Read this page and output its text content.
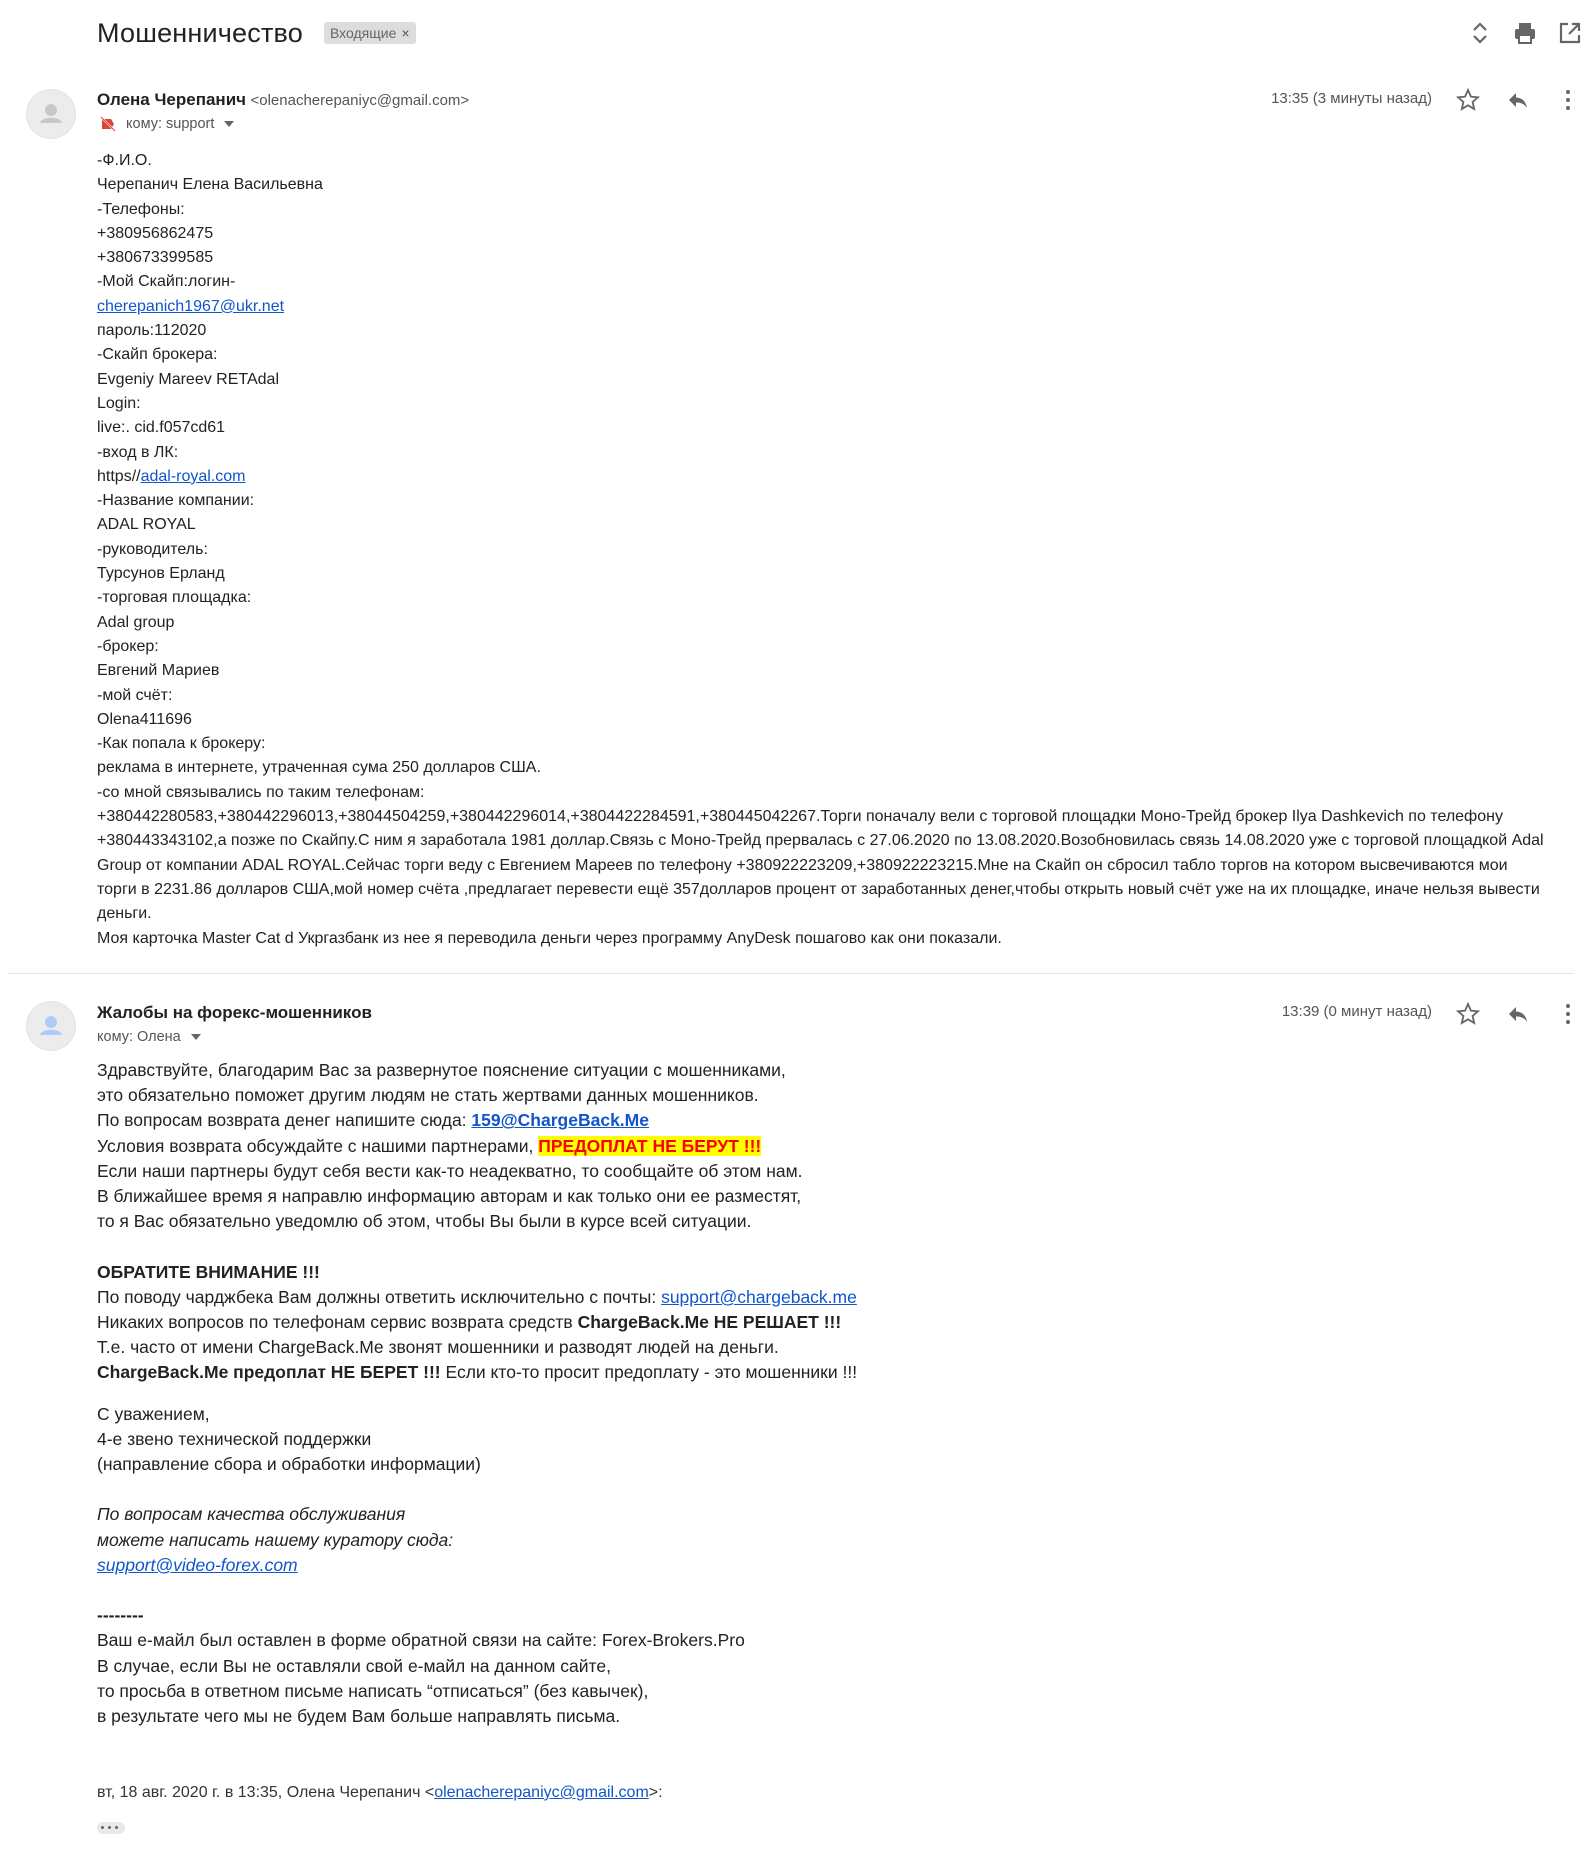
Мошенничество	Входящие ×
Олена Черепанич <olenacherepaniyc@gmail.com>
кому: support
13:35 (3 минуты назад)

-Ф.И.О.

Черепанич Елена Васильевна

-Телефоны:

+380956862475

+380673399585

-Мой Скайп:логин-

cherepanich1967@ukr.net

пароль:112020

-Скайп брокера:

Evgeniy Mareev RETAdal

Login:

live:. cid.f057cd61

-вход в ЛК:

https//adal-royal.com

-Название компании:

ADAL ROYAL

-руководитель:

Турсунов Ерланд

-торговая площадка:

Adal group

-брокер:

Евгений Мариев

-мой счёт:

Olena411696

-Как попала к брокеру:

реклама в интернете, утраченная сума 250 долларов США.

-со мной связывались по таким телефонам:

+380442280583,+380442296013,+38044504259,+380442296014,+3804422284591,+380445042267.Торги поначалу вели с торговой площадки Моно-Трейд брокер Ilya Dashkevich по телефону

+380443343102,а позже по Скайпу.С ним я заработала 1981 доллар.Связь с Моно-Трейд прервалась с 27.06.2020 по 13.08.2020.Возобновилась связь 14.08.2020 уже с торговой площадкой Adal

Group от компании ADAL ROYAL.Сейчас торги веду с Евгением Мареев по телефону +380922223209,+380922223215.Мне на Скайп он сбросил табло торгов на котором высвечиваются мои

торги в 2231.86 долларов США,мой номер счёта ,предлагает перевести ещё 357долларов процент от заработанных денег,чтобы открыть новый счёт уже на их площадке, иначе нельзя вывести

деньги.

Моя карточка Master Cat d Укргазбанк из нее я переводила деньги через программу AnyDesk пошагово как они показали.

Жалобы на форекс-мошенников
кому: Олена
13:39 (0 минут назад)

Здравствуйте, благодарим Вас за развернутое пояснение ситуации с мошенниками,

это обязательно поможет другим людям не стать жертвами данных мошенников.

По вопросам возврата денег напишите сюда: 159@ChargeBack.Me

Условия возврата обсуждайте с нашими партнерами, ПРЕДОПЛАТ НЕ БЕРУТ !!!

Если наши партнеры будут себя вести как-то неадекватно, то сообщайте об этом нам.

В ближайшее время я направлю информацию авторам и как только они ее разместят,

то я Вас обязательно уведомлю об этом, чтобы Вы были в курсе всей ситуации.

ОБРАТИТЕ ВНИМАНИЕ !!!

По поводу чарджбека Вам должны ответить исключительно с почты: support@chargeback.me

Никаких вопросов по телефонам сервис возврата средств ChargeBack.Me НЕ РЕШАЕТ !!!

Т.е. часто от имени ChargeBack.Me звонят мошенники и разводят людей на деньги.

ChargeBack.Me предоплат НЕ БЕРЕТ !!! Если кто-то просит предоплату - это мошенники !!!

С уважением,

4-е звено технической поддержки

(направление сбора и обработки информации)

По вопросам качества обслуживания

можете написать нашему куратору сюда:

support@video-forex.com

--------

Ваш е-майл был оставлен в форме обратной связи на сайте: Forex-Brokers.Pro

В случае, если Вы не оставляли свой е-майл на данном сайте,

то просьба в ответном письме написать “отписаться” (без кавычек),

в результате чего мы не будем Вам больше направлять письма.

вт, 18 авг. 2020 г. в 13:35, Олена Черепанич <olenacherepaniyc@gmail.com>:
